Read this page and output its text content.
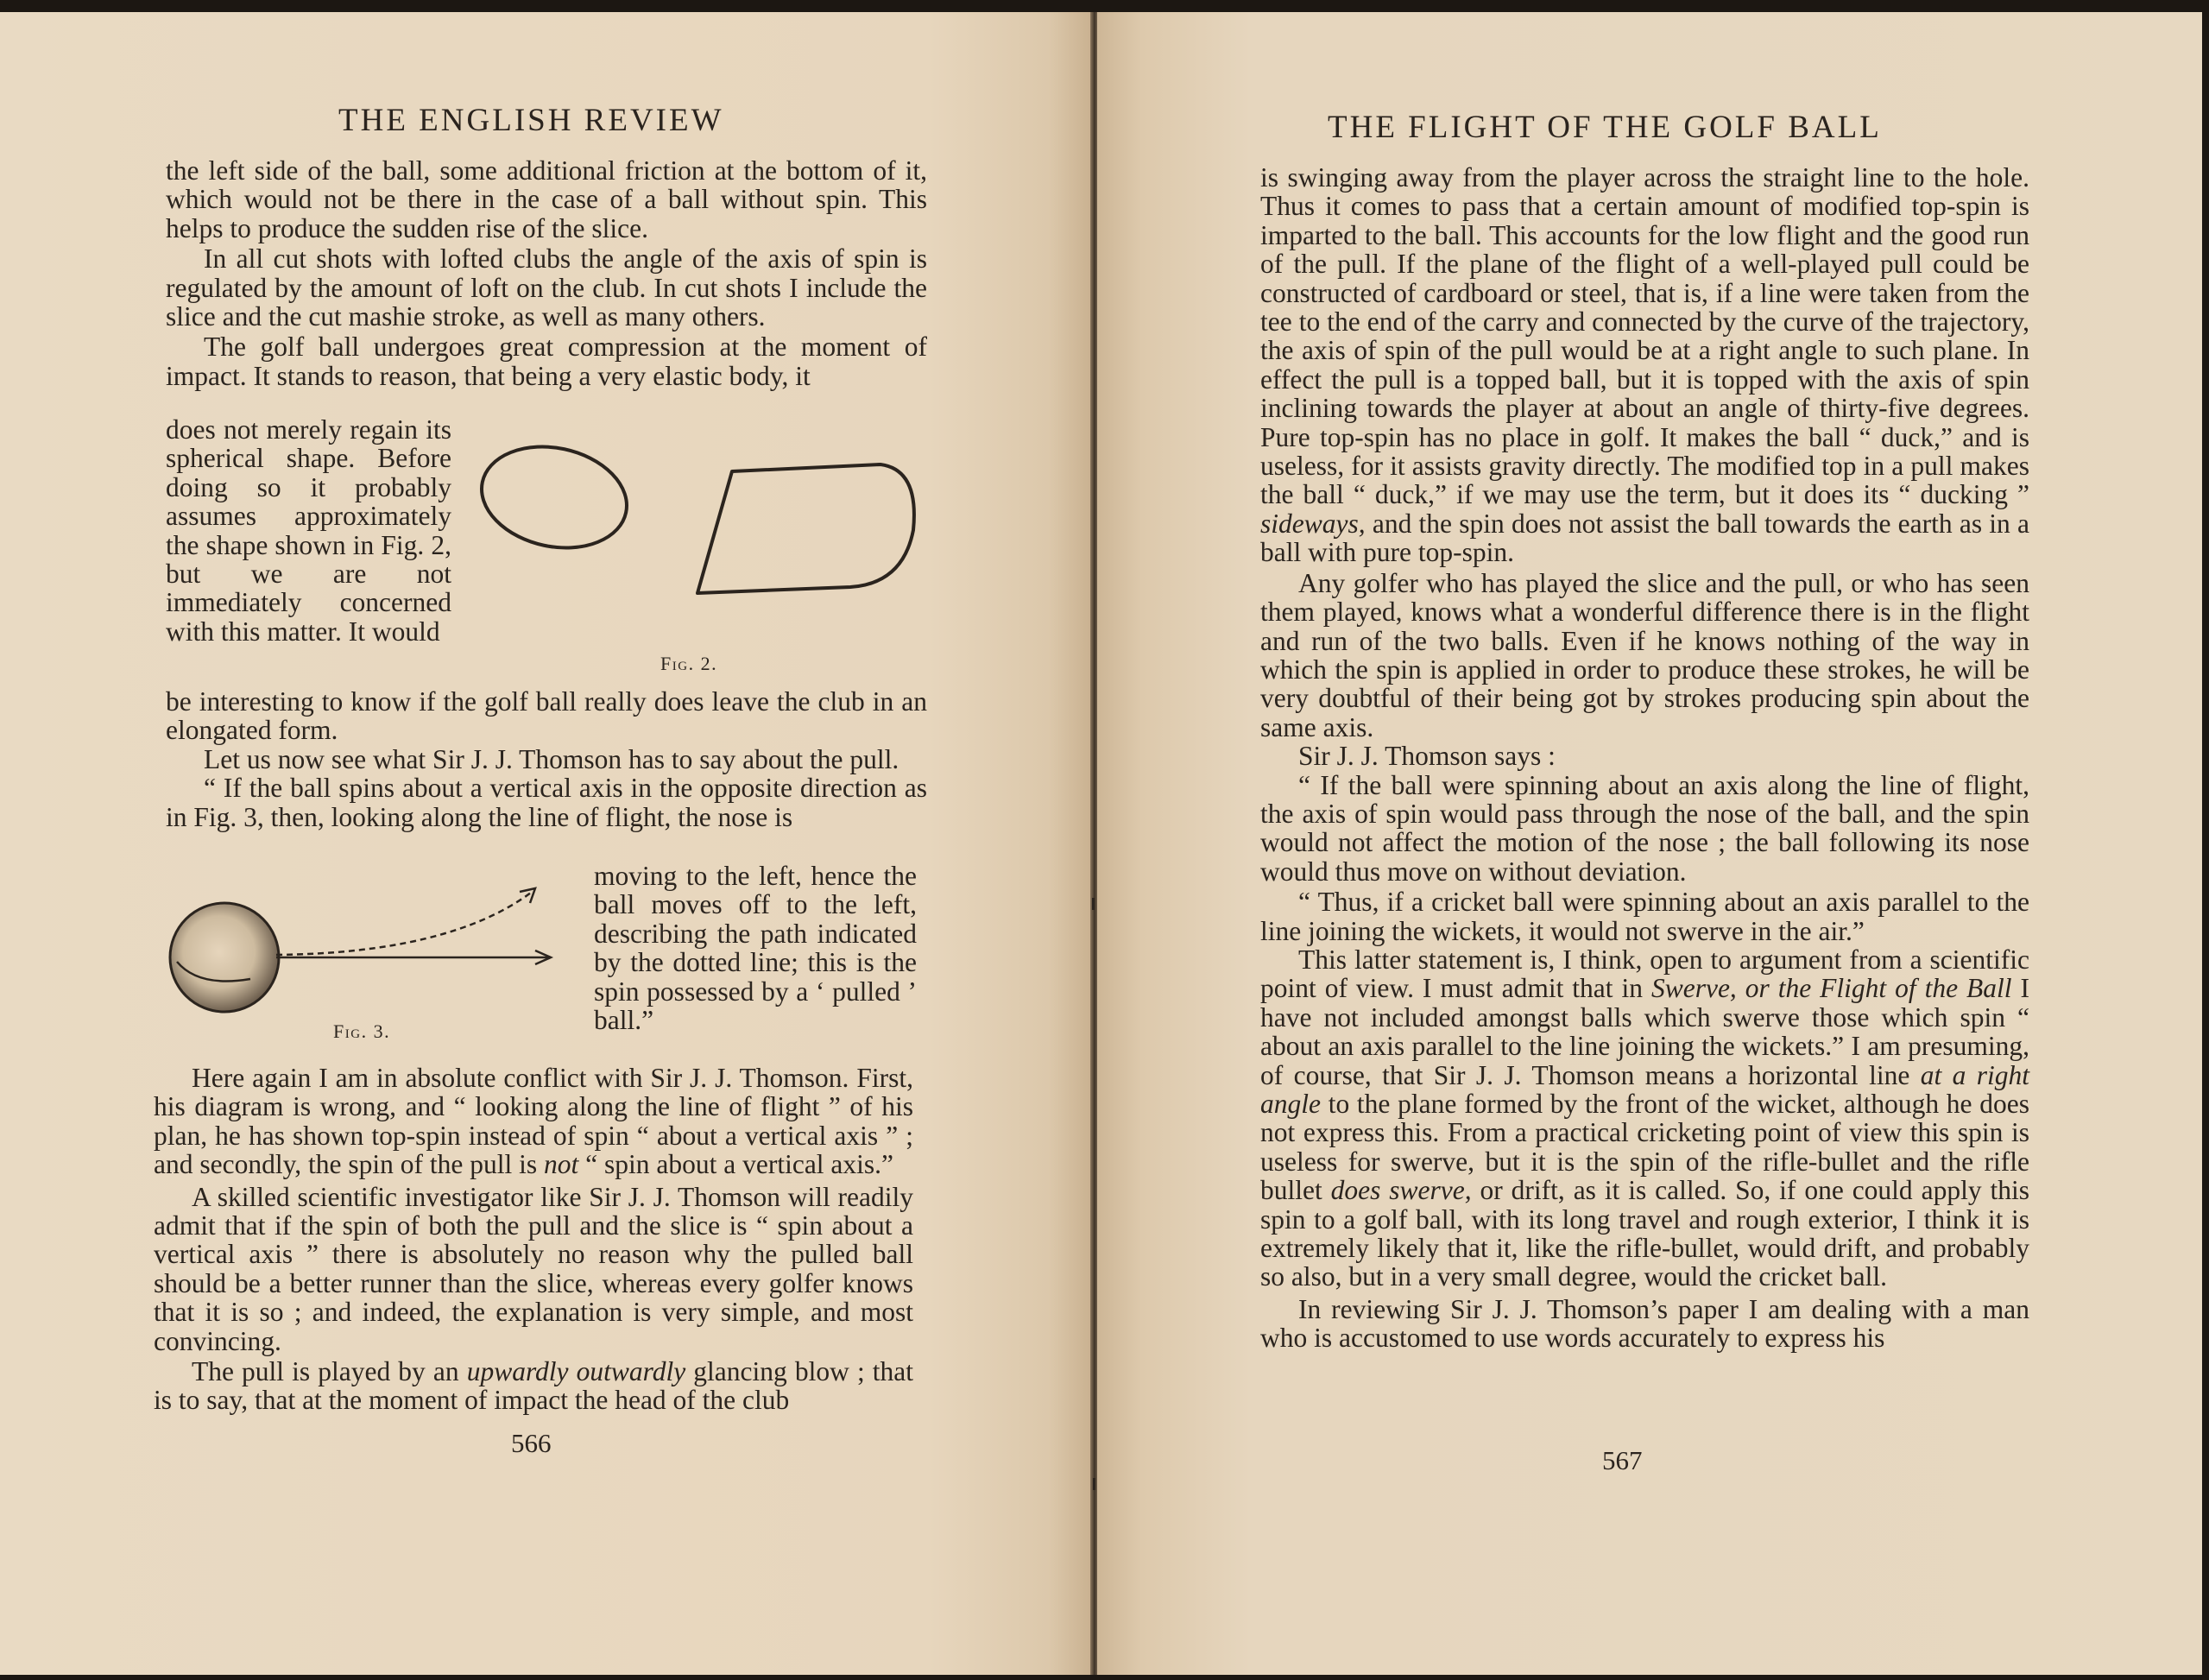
THE ENGLISH REVIEW

the left side of the ball, some additional friction at the bottom of it, which would not be there in the case of a ball without spin. This helps to produce the sudden rise of the slice.

In all cut shots with lofted clubs the angle of the axis of spin is regulated by the amount of loft on the club. In cut shots I include the slice and the cut mashie stroke, as well as many others.

The golf ball undergoes great compression at the moment of impact. It stands to reason, that being a very elastic body, it

does not merely regain its spherical shape. Before doing so it probably assumes approximately the shape shown in Fig. 2, but we are not immediately concerned with this matter. It would

Fig. 2.

be interesting to know if the golf ball really does leave the club in an elongated form.

Let us now see what Sir J. J. Thomson has to say about the pull.

“ If the ball spins about a vertical axis in the opposite direction as in Fig. 3, then, looking along the line of flight, the nose is

Fig. 3.

moving to the left, hence the ball moves off to the left, describing the path indicated by the dotted line; this is the spin possessed by a ‘ pulled ’ ball.”

Here again I am in absolute conflict with Sir J. J. Thomson. First, his diagram is wrong, and “ looking along the line of flight ” of his plan, he has shown top-spin instead of spin “ about a vertical axis ” ; and secondly, the spin of the pull is not “ spin about a vertical axis.”

A skilled scientific investigator like Sir J. J. Thomson will readily admit that if the spin of both the pull and the slice is “ spin about a vertical axis ” there is absolutely no reason why the pulled ball should be a better runner than the slice, whereas every golfer knows that it is so ; and indeed, the explanation is very simple, and most convincing.

The pull is played by an upwardly outwardly glancing blow ; that is to say, that at the moment of impact the head of the club

566
THE FLIGHT OF THE GOLF BALL

is swinging away from the player across the straight line to the hole. Thus it comes to pass that a certain amount of modified top-spin is imparted to the ball. This accounts for the low flight and the good run of the pull. If the plane of the flight of a well-played pull could be constructed of cardboard or steel, that is, if a line were taken from the tee to the end of the carry and connected by the curve of the trajectory, the axis of spin of the pull would be at a right angle to such plane. In effect the pull is a topped ball, but it is topped with the axis of spin inclining towards the player at about an angle of thirty-five degrees. Pure top-spin has no place in golf. It makes the ball “ duck,” and is useless, for it assists gravity directly. The modified top in a pull makes the ball “ duck,” if we may use the term, but it does its “ ducking ” sideways, and the spin does not assist the ball towards the earth as in a ball with pure top-spin.

Any golfer who has played the slice and the pull, or who has seen them played, knows what a wonderful difference there is in the flight and run of the two balls. Even if he knows nothing of the way in which the spin is applied in order to produce these strokes, he will be very doubtful of their being got by strokes producing spin about the same axis.

Sir J. J. Thomson says :

“ If the ball were spinning about an axis along the line of flight, the axis of spin would pass through the nose of the ball, and the spin would not affect the motion of the nose ; the ball following its nose would thus move on without deviation.

“ Thus, if a cricket ball were spinning about an axis parallel to the line joining the wickets, it would not swerve in the air.”

This latter statement is, I think, open to argument from a scientific point of view. I must admit that in Swerve, or the Flight of the Ball I have not included amongst balls which swerve those which spin “ about an axis parallel to the line joining the wickets.” I am presuming, of course, that Sir J. J. Thomson means a horizontal line at a right angle to the plane formed by the front of the wicket, although he does not express this. From a practical cricketing point of view this spin is useless for swerve, but it is the spin of the rifle-bullet and the rifle bullet does swerve, or drift, as it is called. So, if one could apply this spin to a golf ball, with its long travel and rough exterior, I think it is extremely likely that it, like the rifle-bullet, would drift, and probably so also, but in a very small degree, would the cricket ball.

In reviewing Sir J. J. Thomson’s paper I am dealing with a man who is accustomed to use words accurately to express his

567
